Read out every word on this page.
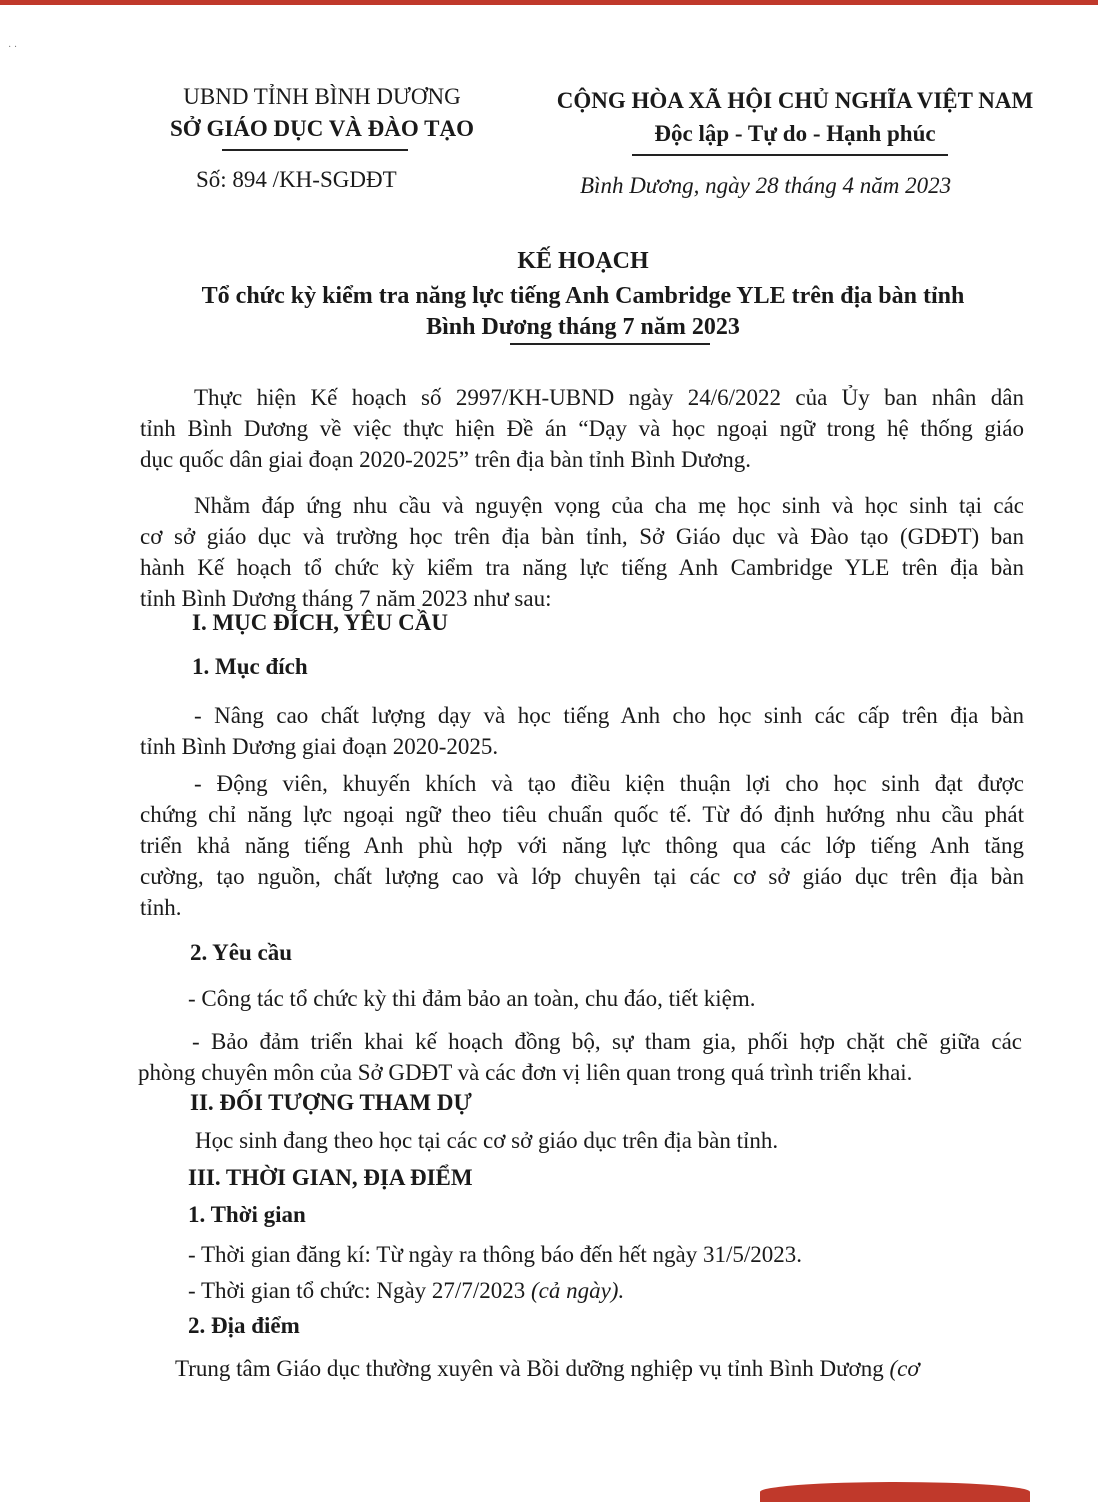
· ·
UBND TỈNH BÌNH DƯƠNG
SỞ GIÁO DỤC VÀ ĐÀO TẠO
Số: 894 /KH-SGDĐT
CỘNG HÒA XÃ HỘI CHỦ NGHĨA VIỆT NAM
Độc lập - Tự do - Hạnh phúc
Bình Dương, ngày 28 tháng 4 năm 2023
KẾ HOẠCH
Tổ chức kỳ kiểm tra năng lực tiếng Anh Cambridge YLE trên địa bàn tỉnh
Bình Dương tháng 7 năm 2023
Thực hiện Kế hoạch số 2997/KH-UBND ngày 24/6/2022 của Ủy ban nhân dân
tỉnh Bình Dương về việc thực hiện Đề án “Dạy và học ngoại ngữ trong hệ thống giáo
dục quốc dân giai đoạn 2020-2025” trên địa bàn tỉnh Bình Dương.
Nhằm đáp ứng nhu cầu và nguyện vọng của cha mẹ học sinh và học sinh tại các
cơ sở giáo dục và trường học trên địa bàn tỉnh, Sở Giáo dục và Đào tạo (GDĐT) ban
hành Kế hoạch tổ chức kỳ kiểm tra năng lực tiếng Anh Cambridge YLE trên địa bàn
tỉnh Bình Dương tháng 7 năm 2023 như sau:
I. MỤC ĐÍCH, YÊU CẦU
1. Mục đích
- Nâng cao chất lượng dạy và học tiếng Anh cho học sinh các cấp trên địa bàn
tỉnh Bình Dương giai đoạn 2020-2025.
- Động viên, khuyến khích và tạo điều kiện thuận lợi cho học sinh đạt được
chứng chỉ năng lực ngoại ngữ theo tiêu chuẩn quốc tế. Từ đó định hướng nhu cầu phát
triển khả năng tiếng Anh phù hợp với năng lực thông qua các lớp tiếng Anh tăng
cường, tạo nguồn, chất lượng cao và lớp chuyên tại các cơ sở giáo dục trên địa bàn
tỉnh.
2. Yêu cầu
- Công tác tổ chức kỳ thi đảm bảo an toàn, chu đáo, tiết kiệm.
- Bảo đảm triển khai kế hoạch đồng bộ, sự tham gia, phối hợp chặt chẽ giữa các
phòng chuyên môn của Sở GDĐT và các đơn vị liên quan trong quá trình triển khai.
II. ĐỐI TƯỢNG THAM DỰ
Học sinh đang theo học tại các cơ sở giáo dục trên địa bàn tỉnh.
III. THỜI GIAN, ĐỊA ĐIỂM
1. Thời gian
- Thời gian đăng kí: Từ ngày ra thông báo đến hết ngày 31/5/2023.
- Thời gian tổ chức: Ngày 27/7/2023 (cả ngày).
2. Địa điểm
Trung tâm Giáo dục thường xuyên và Bồi dưỡng nghiệp vụ tỉnh Bình Dương (cơ
